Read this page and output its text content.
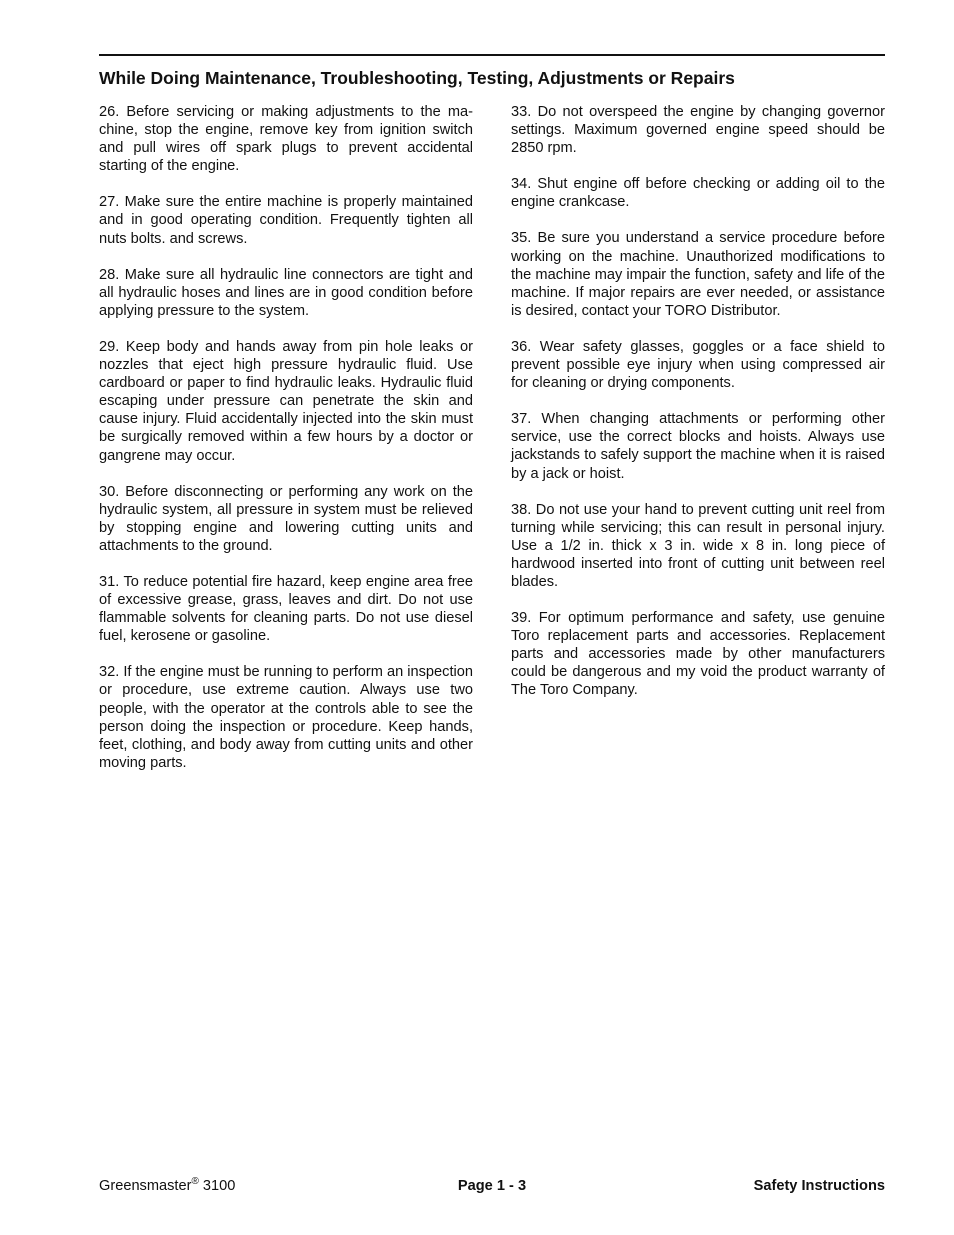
While Doing Maintenance, Troubleshooting, Testing, Adjustments or Repairs

26. Before servicing or making adjustments to the machine, stop the engine, remove key from ignition switch and pull wires off spark plugs to prevent accidental starting of the engine.

27. Make sure the entire machine is properly maintained and in good operating condition. Frequently tighten all nuts bolts. and screws.

28. Make sure all hydraulic line connectors are tight and all hydraulic hoses and lines are in good condition before applying pressure to the system.

29. Keep body and hands away from pin hole leaks or nozzles that eject high pressure hydraulic fluid. Use cardboard or paper to find hydraulic leaks. Hydraulic fluid escaping under pressure can penetrate the skin and cause injury. Fluid accidentally injected into the skin must be surgically removed within a few hours by a doctor or gangrene may occur.

30. Before disconnecting or performing any work on the hydraulic system, all pressure in system must be relieved by stopping engine and lowering cutting units and attachments to the ground.

31. To reduce potential fire hazard, keep engine area free of excessive grease, grass, leaves and dirt. Do not use flammable solvents for cleaning parts. Do not use diesel fuel, kerosene or gasoline.

32. If the engine must be running to perform an inspection or procedure, use extreme caution. Always use two people, with the operator at the controls able to see the person doing the inspection or procedure. Keep hands, feet, clothing, and body away from cutting units and other moving parts.

33. Do not overspeed the engine by changing governor settings. Maximum governed engine speed should be 2850 rpm.

34. Shut engine off before checking or adding oil to the engine crankcase.

35. Be sure you understand a service procedure before working on the machine. Unauthorized modifications to the machine may impair the function, safety and life of the machine. If major repairs are ever needed, or assistance is desired, contact your TORO Distributor.

36. Wear safety glasses, goggles or a face shield to prevent possible eye injury when using compressed air for cleaning or drying components.

37. When changing attachments or performing other service, use the correct blocks and hoists. Always use jackstands to safely support the machine when it is raised by a jack or hoist.

38. Do not use your hand to prevent cutting unit reel from turning while servicing; this can result in personal injury. Use a 1/2 in. thick x 3 in. wide x 8 in. long piece of hardwood inserted into front of cutting unit between reel blades.

39. For optimum performance and safety, use genuine Toro replacement parts and accessories. Replacement parts and accessories made by other manufacturers could be dangerous and my void the product warranty of The Toro Company.

Greensmaster® 3100	Page 1 - 3	Safety Instructions
